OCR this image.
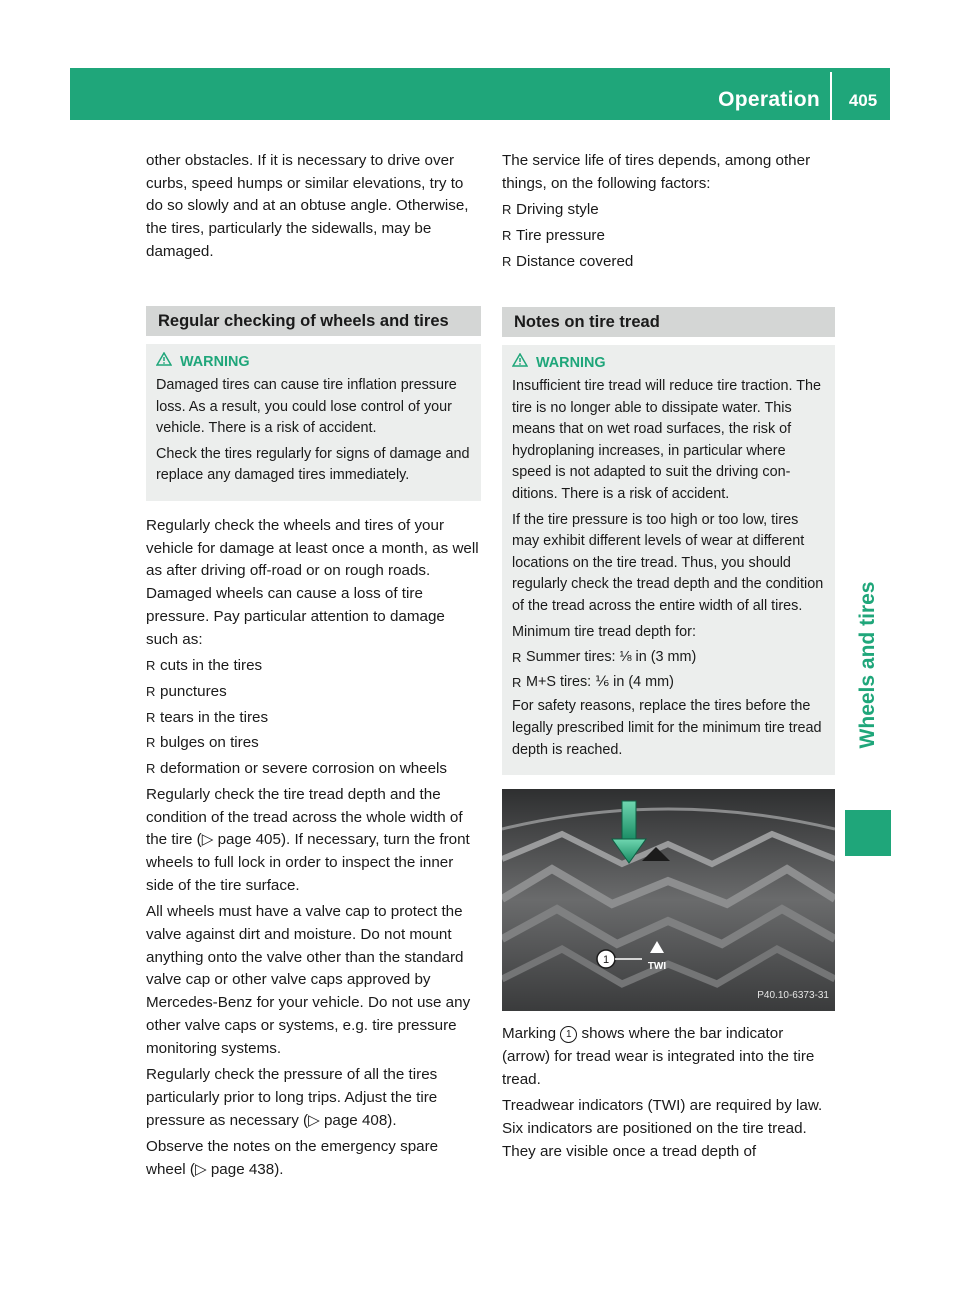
Operation	405
Wheels and tires

other obstacles. If it is necessary to drive over curbs, speed humps or similar elevations, try to do so slowly and at an obtuse angle. Otherwise, the tires, particularly the sidewalls, may be damaged.

Regular checking of wheels and tires
WARNING

Damaged tires can cause tire inflation pressure loss. As a result, you could lose control of your vehicle. There is a risk of accident.

Check the tires regularly for signs of damage and replace any damaged tires immediately.

Regularly check the wheels and tires of your vehicle for damage at least once a month, as well as after driving off-road or on rough roads. Damaged wheels can cause a loss of tire pressure. Pay particular attention to damage such as:

R cuts in the tires
R punctures
R tears in the tires
R bulges on tires
R deformation or severe corrosion on wheels

Regularly check the tire tread depth and the condition of the tread across the whole width of the tire (▷ page 405). If necessary, turn the front wheels to full lock in order to inspect the inner side of the tire surface.

All wheels must have a valve cap to protect the valve against dirt and moisture. Do not mount anything onto the valve other than the standard valve cap or other valve caps approved by Mercedes-Benz for your vehicle. Do not use any other valve caps or systems, e.g. tire pressure monitoring systems.

Regularly check the pressure of all the tires particularly prior to long trips. Adjust the tire pressure as necessary (▷ page 408).

Observe the notes on the emergency spare wheel (▷ page 438).

The service life of tires depends, among other things, on the following factors:

R Driving style
R Tire pressure
R Distance covered
Notes on tire tread
WARNING

Insufficient tire tread will reduce tire traction. The tire is no longer able to dissipate water. This means that on wet road surfaces, the risk of hydroplaning increases, in particular where speed is not adapted to suit the driving conditions. There is a risk of accident.

If the tire pressure is too high or too low, tires may exhibit different levels of wear at different locations on the tire tread. Thus, you should regularly check the tread depth and the condition of the tread across the entire width of all tires.

Minimum tire tread depth for:

R Summer tires: ⅛ in (3 mm)
R M+S tires: ⅙ in (4 mm)

For safety reasons, replace the tires before the legally prescribed limit for the minimum tire tread depth is reached.

1
TWI
P40.10-6373-31

Marking 1 shows where the bar indicator (arrow) for tread wear is integrated into the tire tread.

Treadwear indicators (TWI) are required by law. Six indicators are positioned on the tire tread. They are visible once a tread depth of
